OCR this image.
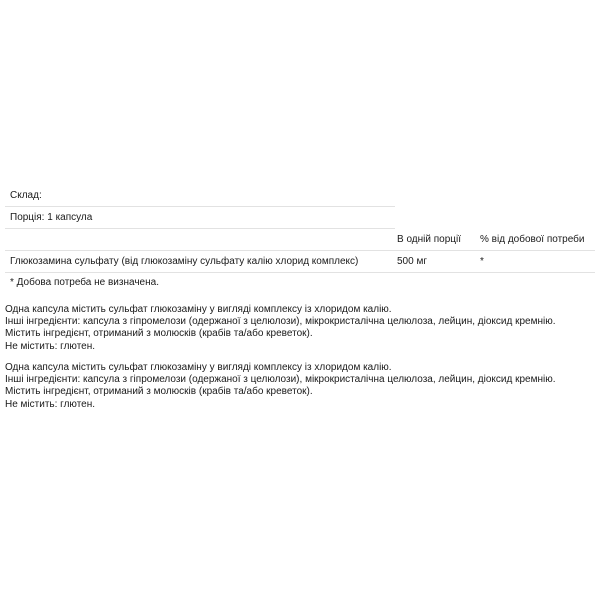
Склад:
Порція: 1 капсула
В одній порції % від добової потреби
Глюкозамина сульфату (від глюкозаміну сульфату калію хлорид комплекс)	500 мг	*
* Добова потреба не визначена.

Одна капсула містить сульфат глюкозаміну у вигляді комплексу із хлоридом калію.

Інші інгредієнти: капсула з гіпромелози (одержаної з целюлози), мікрокристалічна целюлоза, лейцин, діоксид кремнію.

Містить інгредієнт, отриманий з молюсків (крабів та/або креветок).

Не містить: глютен.

Одна капсула містить сульфат глюкозаміну у вигляді комплексу із хлоридом калію.

Інші інгредієнти: капсула з гіпромелози (одержаної з целюлози), мікрокристалічна целюлоза, лейцин, діоксид кремнію.

Містить інгредієнт, отриманий з молюсків (крабів та/або креветок).

Не містить: глютен.
